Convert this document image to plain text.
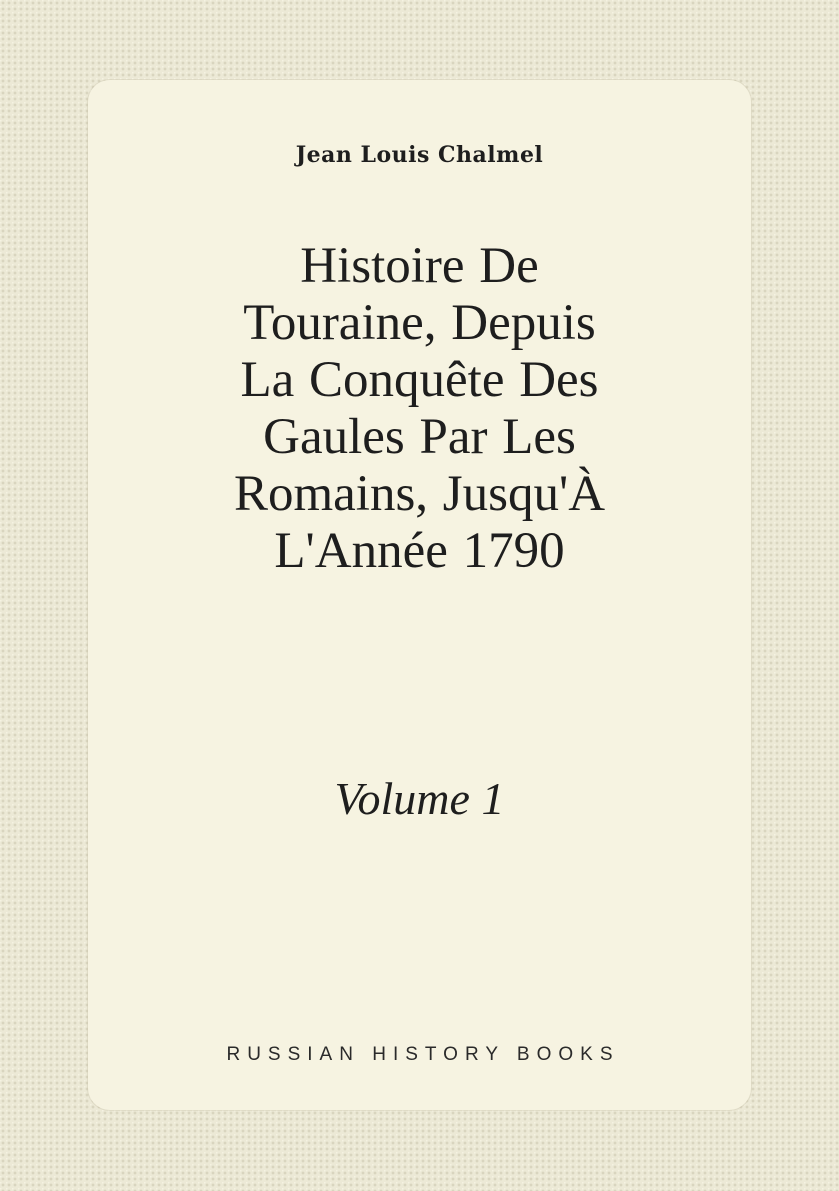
Jean Louis Chalmel
Histoire De
Touraine, Depuis
La Conquête Des
Gaules Par Les
Romains, Jusqu'À
L'Année 1790
Volume 1
RUSSIAN HISTORY BOOKS
